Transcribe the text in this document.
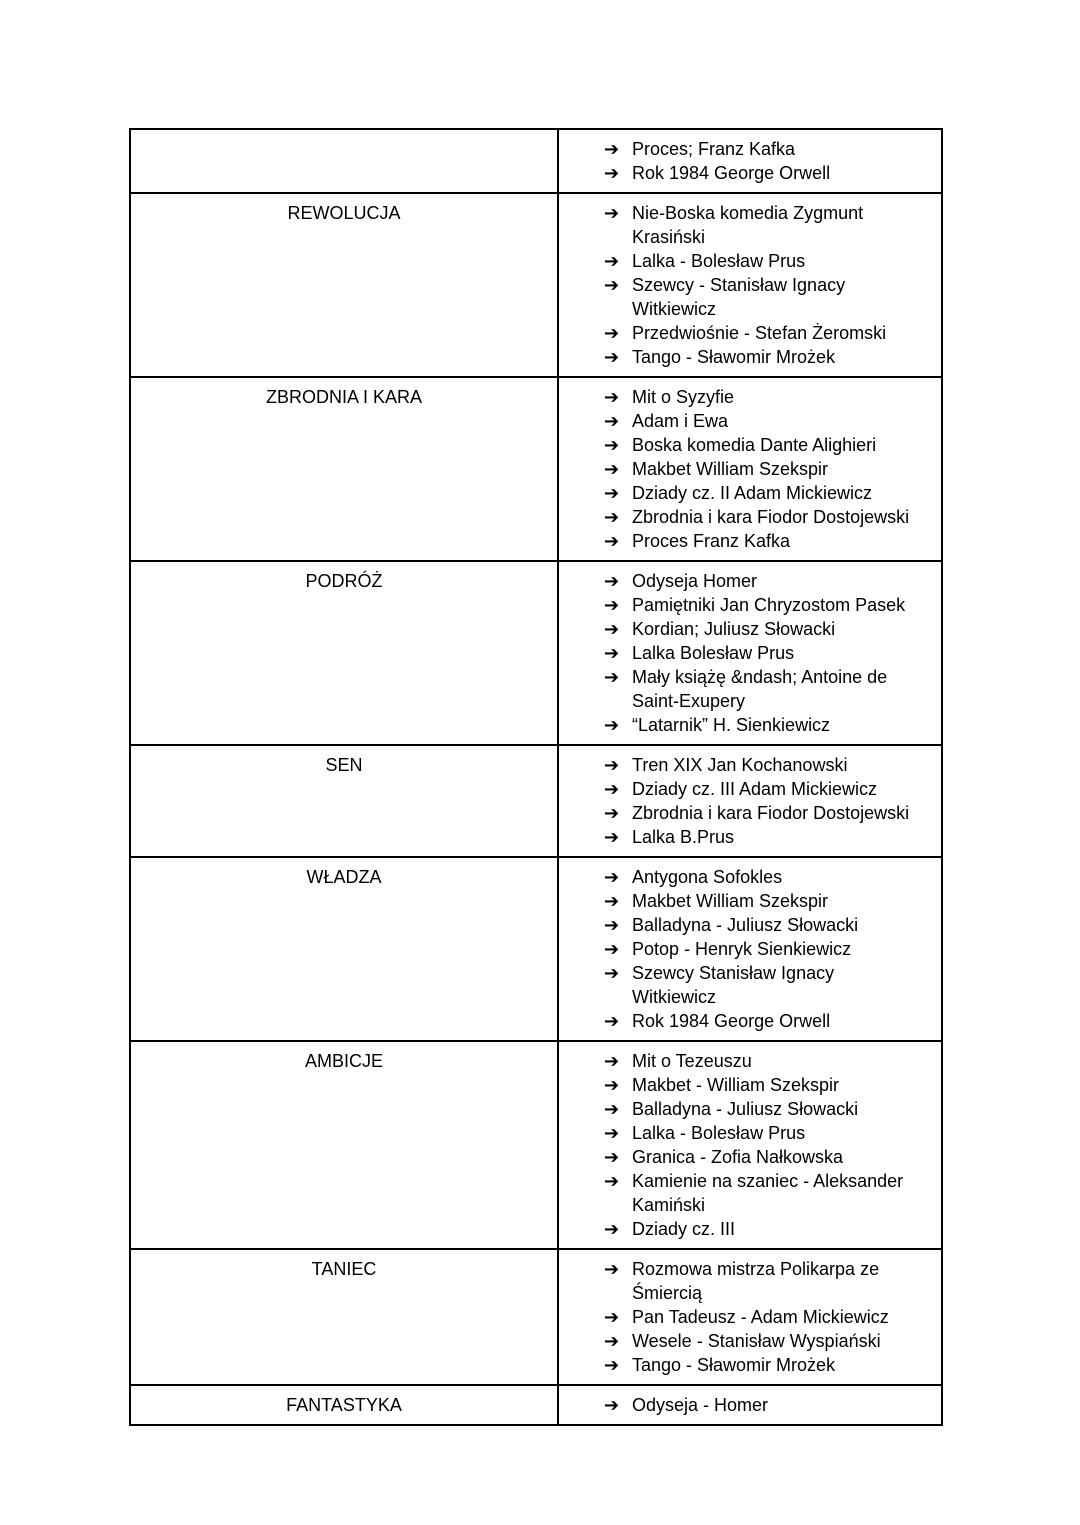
	➔ Proces; Franz Kafka
➔ Rok 1984 George Orwell

REWOLUCJA	➔ Nie-Boska komedia Zygmunt Krasiński
➔ Lalka - Bolesław Prus
➔ Szewcy - Stanisław Ignacy Witkiewicz
➔ Przedwiośnie - Stefan Żeromski
➔ Tango - Sławomir Mrożek

ZBRODNIA I KARA	➔ Mit o Syzyfie
➔ Adam i Ewa
➔ Boska komedia Dante Alighieri
➔ Makbet William Szekspir
➔ Dziady cz. II Adam Mickiewicz
➔ Zbrodnia i kara Fiodor Dostojewski
➔ Proces Franz Kafka

PODRÓŻ	➔ Odyseja Homer
➔ Pamiętniki Jan Chryzostom Pasek
➔ Kordian; Juliusz Słowacki
➔ Lalka Bolesław Prus
➔ Mały książę &ndash; Antoine de Saint-Exupery
➔ “Latarnik” H. Sienkiewicz

SEN	➔ Tren XIX Jan Kochanowski
➔ Dziady cz. III Adam Mickiewicz
➔ Zbrodnia i kara Fiodor Dostojewski
➔ Lalka B.Prus

WŁADZA	➔ Antygona Sofokles
➔ Makbet William Szekspir
➔ Balladyna - Juliusz Słowacki
➔ Potop - Henryk Sienkiewicz
➔ Szewcy Stanisław Ignacy Witkiewicz
➔ Rok 1984 George Orwell

AMBICJE	➔ Mit o Tezeuszu
➔ Makbet - William Szekspir
➔ Balladyna - Juliusz Słowacki
➔ Lalka - Bolesław Prus
➔ Granica - Zofia Nałkowska
➔ Kamienie na szaniec - Aleksander Kamiński
➔ Dziady cz. III

TANIEC	➔ Rozmowa mistrza Polikarpa ze Śmiercią
➔ Pan Tadeusz - Adam Mickiewicz
➔ Wesele - Stanisław Wyspiański
➔ Tango - Sławomir Mrożek

FANTASTYKA	➔ Odyseja - Homer
